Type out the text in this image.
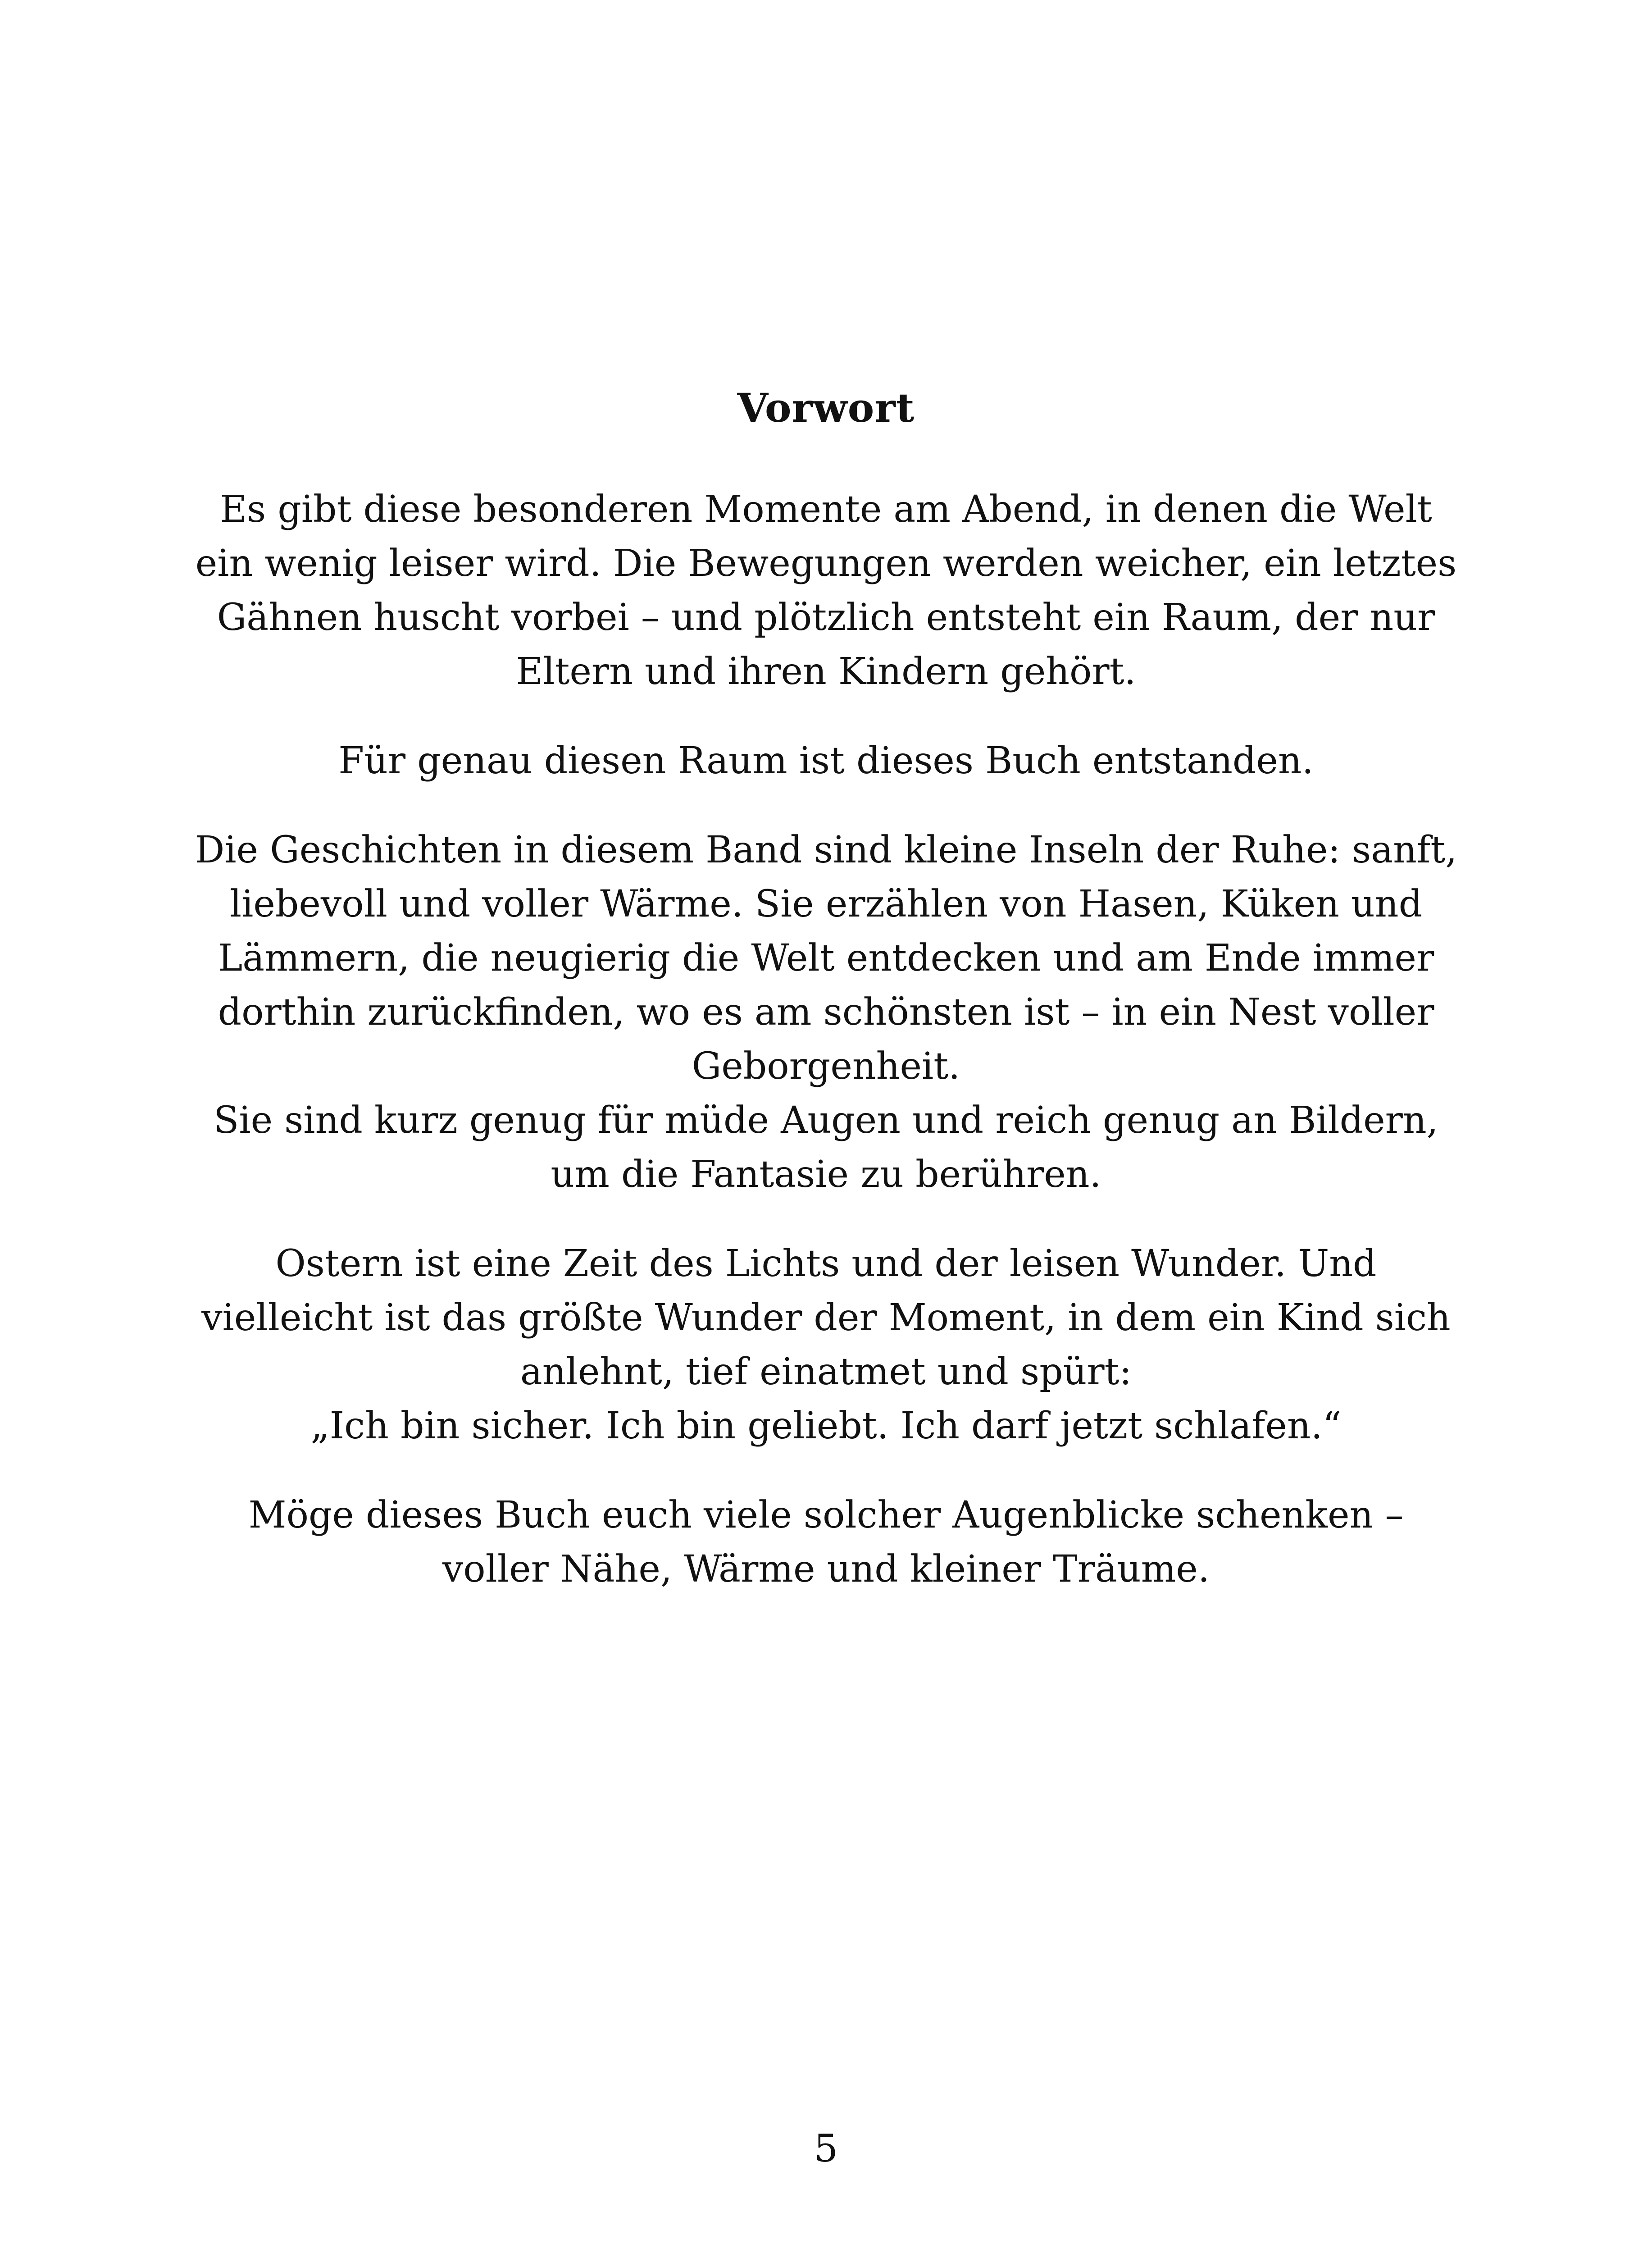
Vorwort

Es gibt diese besonderen Momente am Abend, in denen die Welt
ein wenig leiser wird. Die Bewegungen werden weicher, ein letztes
Gähnen huscht vorbei – und plötzlich entsteht ein Raum, der nur
Eltern und ihren Kindern gehört.

Für genau diesen Raum ist dieses Buch entstanden.

Die Geschichten in diesem Band sind kleine Inseln der Ruhe: sanft,
liebevoll und voller Wärme. Sie erzählen von Hasen, Küken und
Lämmern, die neugierig die Welt entdecken und am Ende immer
dorthin zurückfinden, wo es am schönsten ist – in ein Nest voller
Geborgenheit.
Sie sind kurz genug für müde Augen und reich genug an Bildern,
um die Fantasie zu berühren.

Ostern ist eine Zeit des Lichts und der leisen Wunder. Und
vielleicht ist das größte Wunder der Moment, in dem ein Kind sich
anlehnt, tief einatmet und spürt:
„Ich bin sicher. Ich bin geliebt. Ich darf jetzt schlafen.“

Möge dieses Buch euch viele solcher Augenblicke schenken –
voller Nähe, Wärme und kleiner Träume.

5
